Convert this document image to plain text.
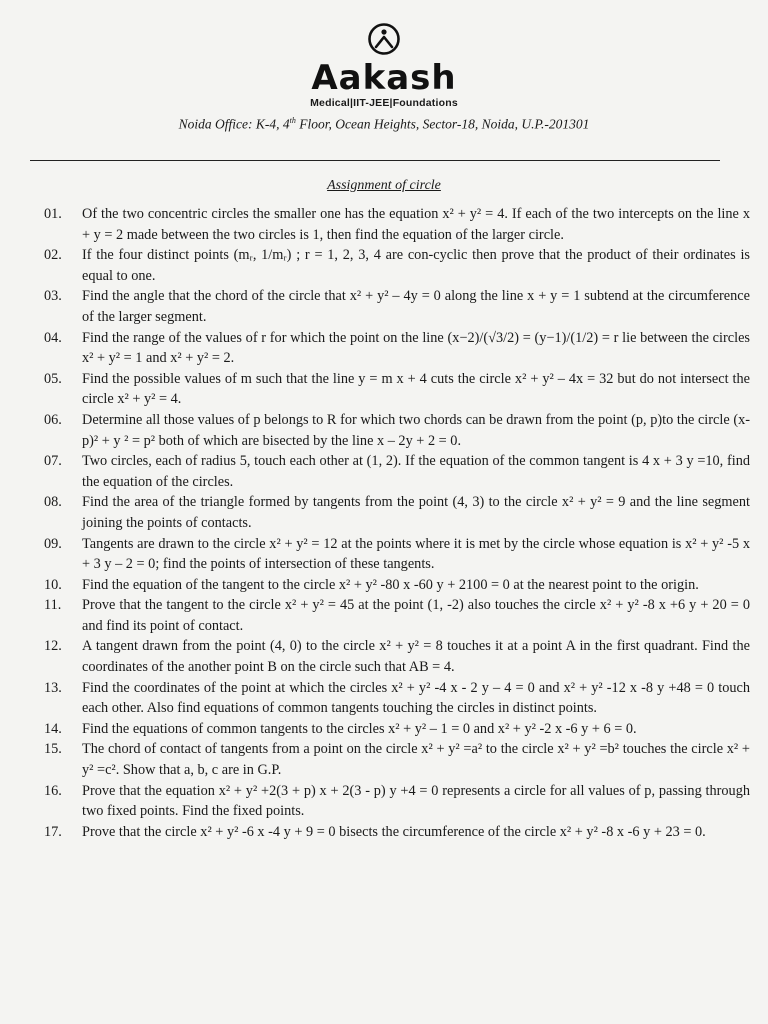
Aakash
Medical|IIT-JEE|Foundations
Noida Office: K-4, 4th Floor, Ocean Heights, Sector-18, Noida, U.P.-201301
Assignment of circle
01. Of the two concentric circles the smaller one has the equation x² + y² = 4. If each of the two intercepts on the line x + y = 2 made between the two circles is 1, then find the equation of the larger circle.
02. If the four distinct points (mᵣ, 1/mᵣ) ; r = 1, 2, 3, 4 are con-cyclic then prove that the product of their ordinates is equal to one.
03. Find the angle that the chord of the circle that x² + y² – 4y = 0 along the line x + y = 1 subtend at the circumference of the larger segment.
04. Find the range of the values of r for which the point on the line (x−2)/(√3/2) = (y−1)/(1/2) = r lie between the circles x² + y² = 1 and x² + y² = 2.
05. Find the possible values of m such that the line y = m x + 4 cuts the circle x² + y² – 4x = 32 but do not intersect the circle x² + y² = 4.
06. Determine all those values of p belongs to R for which two chords can be drawn from the point (p, p)to the circle (x-p)² + y ² = p² both of which are bisected by the line x – 2y + 2 = 0.
07. Two circles, each of radius 5, touch each other at (1, 2). If the equation of the common tangent is 4 x + 3 y =10, find the equation of the circles.
08. Find the area of the triangle formed by tangents from the point (4, 3) to the circle x² + y² = 9 and the line segment joining the points of contacts.
09. Tangents are drawn to the circle x² + y² = 12 at the points where it is met by the circle whose equation is x² + y² -5 x + 3 y – 2 = 0; find the points of intersection of these tangents.
10. Find the equation of the tangent to the circle x² + y² -80 x -60 y + 2100 = 0 at the nearest point to the origin.
11. Prove that the tangent to the circle x² + y² = 45 at the point (1, -2) also touches the circle x² + y² -8 x +6 y + 20 = 0 and find its point of contact.
12. A tangent drawn from the point (4, 0) to the circle x² + y² = 8 touches it at a point A in the first quadrant. Find the coordinates of the another point B on the circle such that AB = 4.
13. Find the coordinates of the point at which the circles x² + y² -4 x - 2 y – 4 = 0 and x² + y² -12 x -8 y +48 = 0 touch each other. Also find equations of common tangents touching the circles in distinct points.
14. Find the equations of common tangents to the circles x² + y² – 1 = 0 and x² + y² -2 x -6 y + 6 = 0.
15. The chord of contact of tangents from a point on the circle x² + y² =a² to the circle x² + y² =b² touches the circle x² + y² =c². Show that a, b, c are in G.P.
16. Prove that the equation x² + y² +2(3 + p) x + 2(3 - p) y +4 = 0 represents a circle for all values of p, passing through two fixed points. Find the fixed points.
17. Prove that the circle x² + y² -6 x -4 y + 9 = 0 bisects the circumference of the circle x² + y² -8 x -6 y + 23 = 0.
